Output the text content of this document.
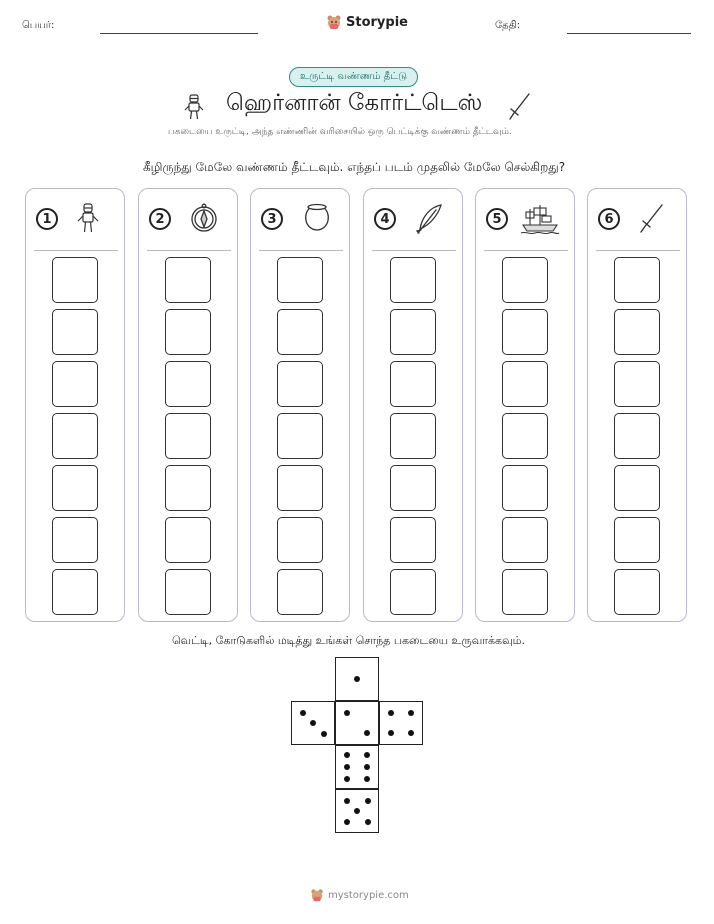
பெயர்:	Storypie	தேதி:
உருட்டி வண்ணம் தீட்டு
ஹெர்னான் கோர்ட்டெஸ்
பகடையை உருட்டி, அந்த எண்ணின் வரிசையில் ஒரு பெட்டிக்கு வண்ணம் தீட்டவும்.
கீழிருந்து மேலே வண்ணம் தீட்டவும். எந்தப் படம் முதலில் மேலே செல்கிறது?
1	2	3	4	5	6
வெட்டி, கோடுகளில் மடித்து உங்கள் சொந்த பகடையை உருவாக்கவும்.
mystorypie.com
